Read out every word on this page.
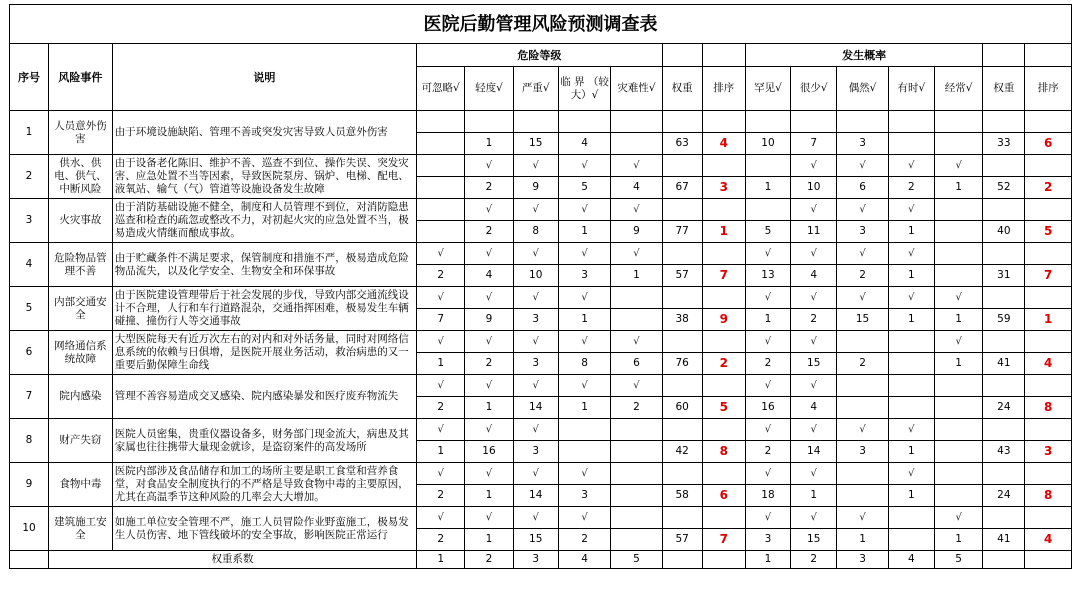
医院后勤管理风险预测调查表																
序号	风险事件	说明	危险等级							发生概率						
			可忽略√	轻度√	严重√	临 界 （较大）√	灾难性√	权重	排序	罕见√	很少√	偶然√	有时√	经常√	权重	排序
1	人员意外伤害	由于环境设施缺陷、管理不善或突发灾害导致人员意外伤害														
				1	15	4		63	4	10	7	3			33	6
2	供水、供电、供气、中断风险	由于设备老化陈旧、维护不善、巡查不到位、操作失误、突发灾害、应急处置不当等因素，导致医院泵房、锅炉、电梯、配电、液氧站、输气（气）管道等设施设备发生故障		√	√	√	√				√	√	√	√		
				2	9	5	4	67	3	1	10	6	2	1	52	2
3	火灾事故	由于消防基础设施不健全，制度和人员管理不到位，对消防隐患巡查和检查的疏忽或整改不力，对初起火灾的应急处置不当，极易造成火情继而酿成事故。		√	√	√	√				√	√	√			
				2	8	1	9	77	1	5	11	3	1		40	5
4	危险物品管理不善	由于贮藏条件不满足要求，保管制度和措施不严，极易造成危险物品流失，以及化学安全、生物安全和环保事故	√	√	√	√	√			√	√	√	√			
			2	4	10	3	1	57	7	13	4	2	1		31	7
5	内部交通安全	由于医院建设管理带后于社会发展的步伐，导致内部交通流线设计不合理，人行和车行道路混杂，交通指挥困难，极易发生车辆碰撞、撞伤行人等交通事故	√	√	√	√				√	√	√	√	√		
			7	9	3	1		38	9	1	2	15	1	1	59	1
6	网络通信系统故障	大型医院每天有近万次左右的对内和对外话务量，同时对网络信息系统的依赖与日俱增，是医院开展业务活动，救治病患的又一重要后勤保障生命线	√	√	√	√	√			√	√			√		
			1	2	3	8	6	76	2	2	15	2		1	41	4
7	院内感染	管理不善容易造成交叉感染、院内感染暴发和医疗废弃物流失	√	√	√	√	√			√	√					
			2	1	14	1	2	60	5	16	4				24	8
8	财产失窃	医院人员密集，贵重仪器设备多，财务部门现金流大，病患及其家属也往往携带大量现金就诊，是盗窃案件的高发场所	√	√	√					√	√	√	√			
			1	16	3			42	8	2	14	3	1		43	3
9	食物中毒	医院内部涉及食品储存和加工的场所主要是职工食堂和营养食堂，对食品安全制度执行的不严格是导致食物中毒的主要原因，尤其在高温季节这种风险的几率会大大增加。	√	√	√	√				√	√		√			
			2	1	14	3		58	6	18	1		1		24	8
10	建筑施工安全	如施工单位安全管理不严，施工人员冒险作业野蛮施工，极易发生人员伤害、地下管线破坏的安全事故，影响医院正常运行	√	√	√	√				√	√	√		√		
			2	1	15	2		57	7	3	15	1		1	41	4
	权重系数		1	2	3	4	5			1	2	3	4	5		
